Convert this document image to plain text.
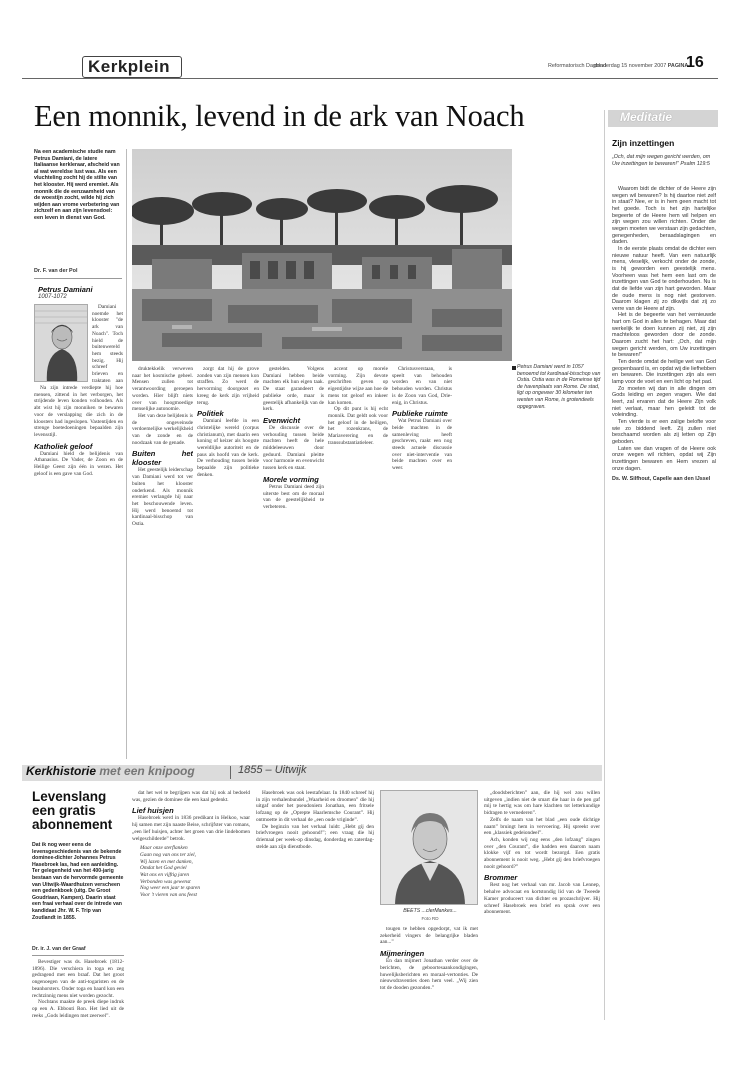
Kerkplein	Reformatorisch Dagblad
donderdag 15 november 2007 PAGINA
16
Een monnik, levend in de ark van Noach	Meditatie
Na een academische studie nam Petrus Damiani, de latere Italiaanse kerkleraar, afscheid van al wat wereldse lust was. Als een vluchteling zocht hij de stilte van het klooster. Hij werd eremiet. Als monnik die de eenzaamheid van de woestijn zocht, wilde hij zich wijden aan vrome verbetering van zichzelf en aan zijn levensdoel: een leven in dienst van God.
Dr. F. van der Pol
Petrus Damiani
1007-1072

Damiani noemde het klooster "de ark van Noach". Toch hield de buitenwereld hem steeds bezig. Hij schreef brieven en traktaten aan

Na zijn intrede verdiepte hij hoe mensen, zittend in het verborgen, het strijdende leven konden volhouden. Als abt wist hij zijn monniken te bewaren voor de verslapping die zich in de kloosters had ingeslopen. Vastentijden en strenge boetedoeningen bepaalden zijn levensstijl.

Katholiek geloof

Damiani hield de belijdenis van Athanasius. De Vader, de Zoon en de Heilige Geest zijn één in wezen. Het geloof is een gave van God.

Petrus Damiani werd in 1057 benoemd tot kardinaal-bisschop van Ostia. Ostia was in de Romeinse tijd de havenplaats van Rome. De stad, ligt op ongeveer 30 kilometer ten westen van Rome, is grotendeels opgegraven.

druktekkelik verweven naar het kosmische geheel. Mensen zullen tot verantwoording geroepen worden. Hier blijft niets over van hoogmoedige menselijke autonomie.

Het van deze belijdenis is de ongeveinsde verdoemelijke werkelijkheid van de zonde en de noodzaak van de genade.

Buiten het klooster

Het geestelijk leiderschap van Damiani werd tot ver buiten het klooster onderkend. Als monnik eremiet verlangde hij naar het beschouwende leven. Hij werd benoemd tot kardinaal-bisschop van Ostia.

zorgt dat hij de grove zonden van zijn mensen kon straffen. Zo werd de hervorming doorgezet en kreeg de kerk zijn vrijheid terug.

Politiek

Damiani leefde in een christelijke wereld (corpus christianum), met daarin een koning of keizer als hoogste wereldlijke autoriteit en de paus als hoofd van de kerk. De verhouding tussen beide bepaalde zijn politieke denken.

gestelden. Volgens Damiani hebben beide machten elk hun eigen taak. De staat garandeert de publieke orde, maar is geestelijk afhankelijk van de kerk.

Evenwicht

De discussie over de verhouding tussen beide machten heeft de hele middeleeuwen door geduurd. Damiani pleitte voor harmonie en evenwicht tussen kerk en staat.

Morele vorming

Petrus Damiani deed zijn uiterste best om de moraal van de geestelijkheid te verbeteren.

accent op morele vorming. Zijn devote geschriften geven op eigentijdse wijze aan hoe de mens tot geloof en inkeer kan komen.

Op dit punt is hij echt monnik. Dat geldt ook voor het geloof in de heiligen, het rozenkrans, de Mariaverering en de transsubstantiatieleer.

Christusverstaan, is speelt van behouden worden en van niet behouden worden. Christus is de Zoon van God, Drie-enig, in Christus.

Publieke ruimte

Wat Petrus Damiani over beide machten in de samenleving heeft geschreven, raakt een nog steeds actuele discussie over niet-interventie van beide machten over en weer.

Zijn inzettingen
„Och, dat mijn wegen gericht werden, om Uw inzettingen te bewaren!” Psalm 119:5

Waarom bidt de dichter of de Heere zijn wegen wil bewaren? Is hij daartoe niet zelf in staat? Nee, er is in hem geen macht tot het goede. Toch is het zijn hartelijke begeerte of de Heere hem wil helpen en zijn wegen zou willen richten. Onder die wegen moeten we verstaan zijn gedachten, genegenheden, beraadslagingen en daden.

In de eerste plaats omdat de dichter een nieuwe natuur heeft. Van een natuurlijk mens, vleselijk, verkocht onder de zonde, is hij geworden een geestelijk mens. Voorheen was het hem een last om de inzettingen van God te onderhouden. Nu is dat de liefde van zijn hart geworden. Maar de oude mens is nog niet gestorven. Daarom klagen zij zo dikwijls dat zij zo verre van de Heere af zijn.

Het is de begeerte van het vernieuwde hart om God in alles te behagen. Maar dat werkelijk te doen kunnen zij niet, zij zijn machteloos geworden door de zonde. Daarom zucht het hart: „Och, dat mijn wegen gericht werden, om Uw inzettingen te bewaren!”

Ten derde omdat de heilige wet van God geopenbaard is, en opdat wij die liefhebben en bewaren. Die inzettingen zijn als een lamp voor de voet en een licht op het pad.

Zo moeten wij dan in alle dingen om Gods leiding en zegen vragen. Wie dat leert, zal ervaren dat de Heere Zijn volk niet verlaat, maar hen geleidt tot de voleinding.

Ten vierde is er een zalige belofte voor wie zo biddend leeft. Zij zullen niet beschaamd worden als zij letten op Zijn geboden.

Laten we dan vragen of de Heere ook onze wegen wil richten, opdat wij Zijn inzettingen bewaren en Hem vrezen al onze dagen.

Ds. W. Silfhout, Capelle aan den IJssel

Kerkhistorie met een knipoog	1855 – Uitwijk
Levenslang een gratis abonnement
Dat ik nog weer eens de levensgeschiedenis van de bekende dominee-dichter Johannes Petrus Hasebroek las, had een aanleiding. Ter gelegenheid van het 400-jarig bestaan van de hervormde gemeente van Uitwijk-Waardhuizen verscheen een gedenkboek (uitg. De Groot Goudriaan, Kampen). Daarin staat een fraai verhaal over de intrede van kandidaat Jhr. W. F. Trip van Zoutlandt in 1855.
Dr. ir. J. van der Graaf

Bevestiger was ds. Hasebroek (1812-1896). Die verschiera in toga en zeg gedragend met een braaf. Dat het groot ongenoegen van de anti-togaristen en de beanhorsters. Onder toga en baard kon een rechtzinnig mens niet worden gezocht.

Nochtans maakte de preek diepe indruk op een A. Ebbouti Ron. Het lied uit de reeks „Gods leidingen met zeerwel”.

dat het wel te begrijpen was dat hij ook al bedoeld was, gezien de dominee die een kaal gedenkt.

Lief huisjen

Hasebroek werd in 1836 predikant in Helkoo, waar hij samen met zijn naaste Beise, schrijfster van romans, „een lief huisjen, achter het groen van drie lindebomen welgeschilderde” betrok.

Maar onze sterflanken
Gaan nog van ons ter ziel,
Wij lazen en met danken,
Omdat het God geviel
Wat ons en vijftig jaren
Verbonden was gewenst
Nog weer een jaar te sparen
Voor 't vieren van ons feest

Hasebroek was ook leestafelaar. In 1840 schreef hij in zijn verhalenbundel „Waarheid en droomen” die hij uitgaf onder het pseudoniem Jonathan, een fritsele lofzang op de „Oprepte Haarlemsche Courant”. Hij ontmoette in dit verhaal de „een oude vriginde”.

De beginzin van het verhaal luidt: „Hebt gij den briefvroegen nooit gehoond!”; een vraag die hij driemaal per week-op dinsdag, donderdag en zaterdag-stelde aan zijn dienstbode.

„doodsberichten” aan, die hij wel zou willen uitgeven „indien niet de smart die haar in de pen gaf mij te hertig was om hare klachten tot letterkundige bidragen te vernederen”.

Zelfs de naam van het blad „een oude dichtige naam” bruingt hem in vervoering. Hij spreekt over een „klassiek gedeiondeel”.

Ach, konden wij nog eens „den lofzang” zingen over „den Courant”, die hadden een daarom naam klokke vijf en tot wordt bezorgd. Een gratis abonnement is nooit weg. „Hebt gij den briefvroegen nooit gehoord?”

Brommer

Rest nog het verhaal van mr. Jacob van Lennep, behalve advocaat en kortstondig lid van de Tweede Kamer produceert van dichter en prozaschrijver. Hij schreef Hasebroek een brief en sprak over een abonnement.

BEETS ...clerMankes...
Foto RD

tougen te hebben opgedorpt, vat ik met zekerheid vingers de belangrijke bladen aan...”

Mijmeringen

En dan mijmert Jonathan verder over de berichten, de geboortesaankondigingen, huwelijksberichten en moraal-vertonties. De nieuwsdraventies doen hem veel. „Wij zien tot de dooden gezonden.”
